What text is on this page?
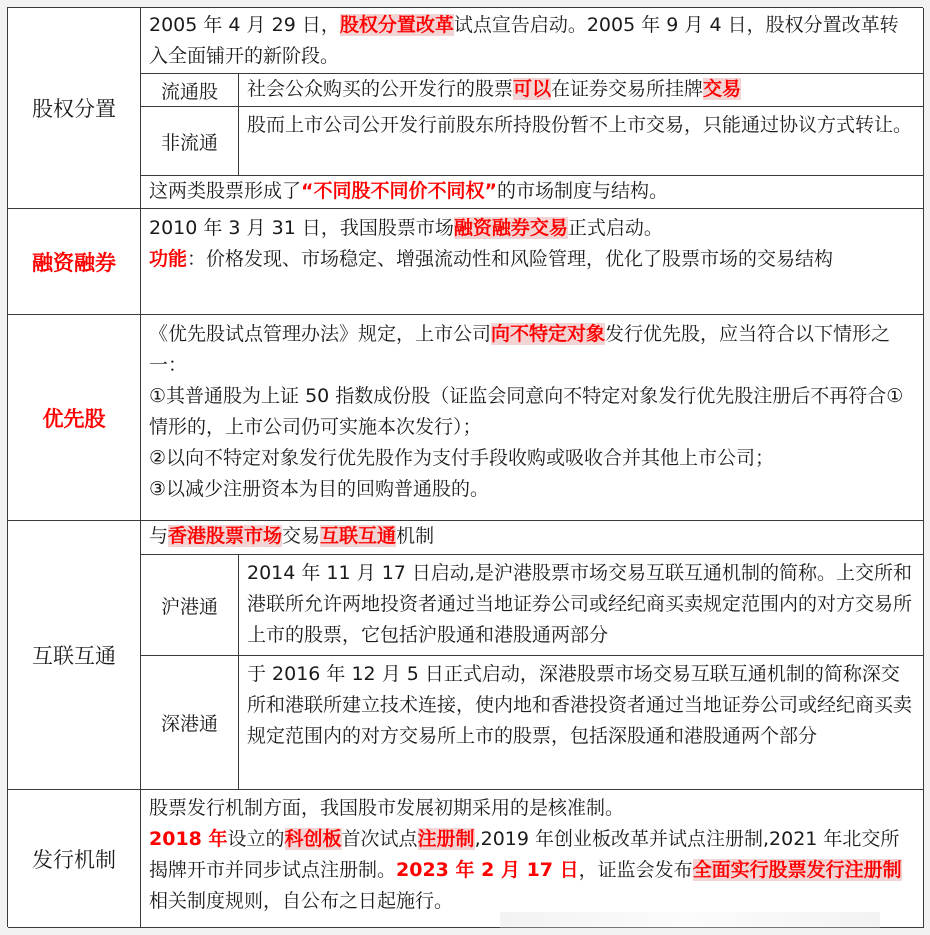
股权分置
2005 年 4 月 29 日，股权分置改革试点宣告启动。2005 年 9 月 4 日，股权分置改革转入全面铺开的新阶段。
流通股	社会公众购买的公开发行的股票可以在证券交易所挂牌交易
非流通
股而上市公司公开发行前股东所持股份暂不上市交易，只能通过协议方式转让。
这两类股票形成了“不同股不同价不同权”的市场制度与结构。
融资融券
2010 年 3 月 31 日，我国股票市场融资融券交易正式启动。
功能：价格发现、市场稳定、增强流动性和风险管理，优化了股票市场的交易结构
优先股
《优先股试点管理办法》规定，上市公司向不特定对象发行优先股，应当符合以下情形之一：
①其普通股为上证 50 指数成份股（证监会同意向不特定对象发行优先股注册后不再符合①情形的，上市公司仍可实施本次发行）；
②以向不特定对象发行优先股作为支付手段收购或吸收合并其他上市公司；
③以减少注册资本为目的回购普通股的。
互联互通
与香港股票市场交易互联互通机制
沪港通
2014 年 11 月 17 日启动,是沪港股票市场交易互联互通机制的简称。上交所和港联所允许两地投资者通过当地证券公司或经纪商买卖规定范围内的对方交易所上市的股票，它包括沪股通和港股通两部分
深港通
于 2016 年 12 月 5 日正式启动，深港股票市场交易互联互通机制的简称深交所和港联所建立技术连接，使内地和香港投资者通过当地证券公司或经纪商买卖规定范围内的对方交易所上市的股票，包括深股通和港股通两个部分
发行机制
股票发行机制方面，我国股市发展初期采用的是核准制。
2018 年设立的科创板首次试点注册制,2019 年创业板改革并试点注册制,2021 年北交所揭牌开市并同步试点注册制。2023 年 2 月 17 日，证监会发布全面实行股票发行注册制相关制度规则，自公布之日起施行。
